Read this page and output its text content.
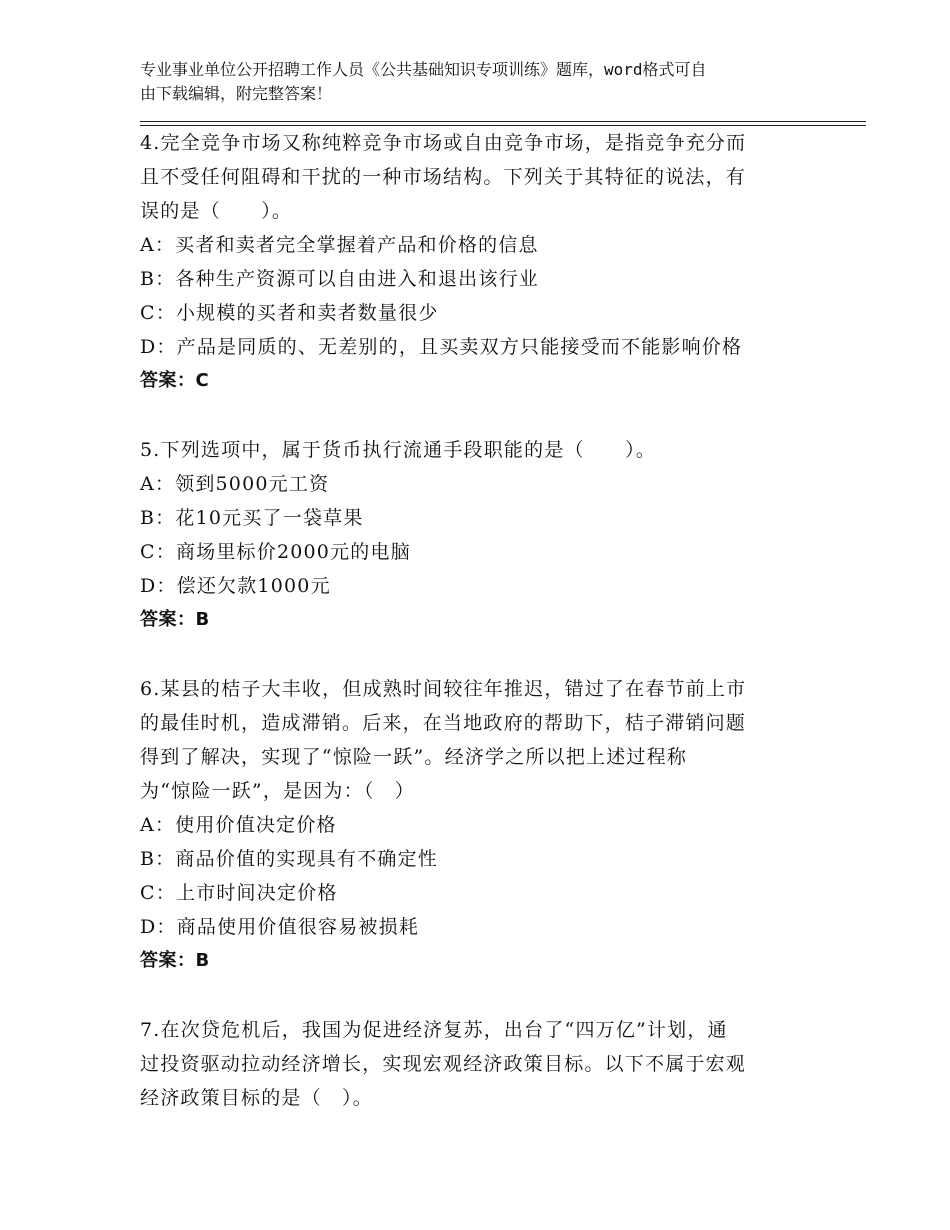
专业事业单位公开招聘工作人员《公共基础知识专项训练》题库，word格式可自
由下载编辑，附完整答案！
4.完全竞争市场又称纯粹竞争市场或自由竞争市场，是指竞争充分而
且不受任何阻碍和干扰的一种市场结构。下列关于其特征的说法，有
误的是（　　）。
A：买者和卖者完全掌握着产品和价格的信息
B：各种生产资源可以自由进入和退出该行业
C：小规模的买者和卖者数量很少
D：产品是同质的、无差别的，且买卖双方只能接受而不能影响价格
答案：C
5.下列选项中，属于货币执行流通手段职能的是（　　）。
A：领到5000元工资
B：花10元买了一袋草果
C：商场里标价2000元的电脑
D：偿还欠款1000元
答案：B
6.某县的桔子大丰收，但成熟时间较往年推迟，错过了在春节前上市
的最佳时机，造成滞销。后来，在当地政府的帮助下，桔子滞销问题
得到了解决，实现了“惊险一跃”。经济学之所以把上述过程称
为“惊险一跃”，是因为：（　）
A：使用价值决定价格
B：商品价值的实现具有不确定性
C：上市时间决定价格
D：商品使用价值很容易被损耗
答案：B
7.在次贷危机后，我国为促进经济复苏，出台了“四万亿”计划，通
过投资驱动拉动经济增长，实现宏观经济政策目标。以下不属于宏观
经济政策目标的是（　）。
